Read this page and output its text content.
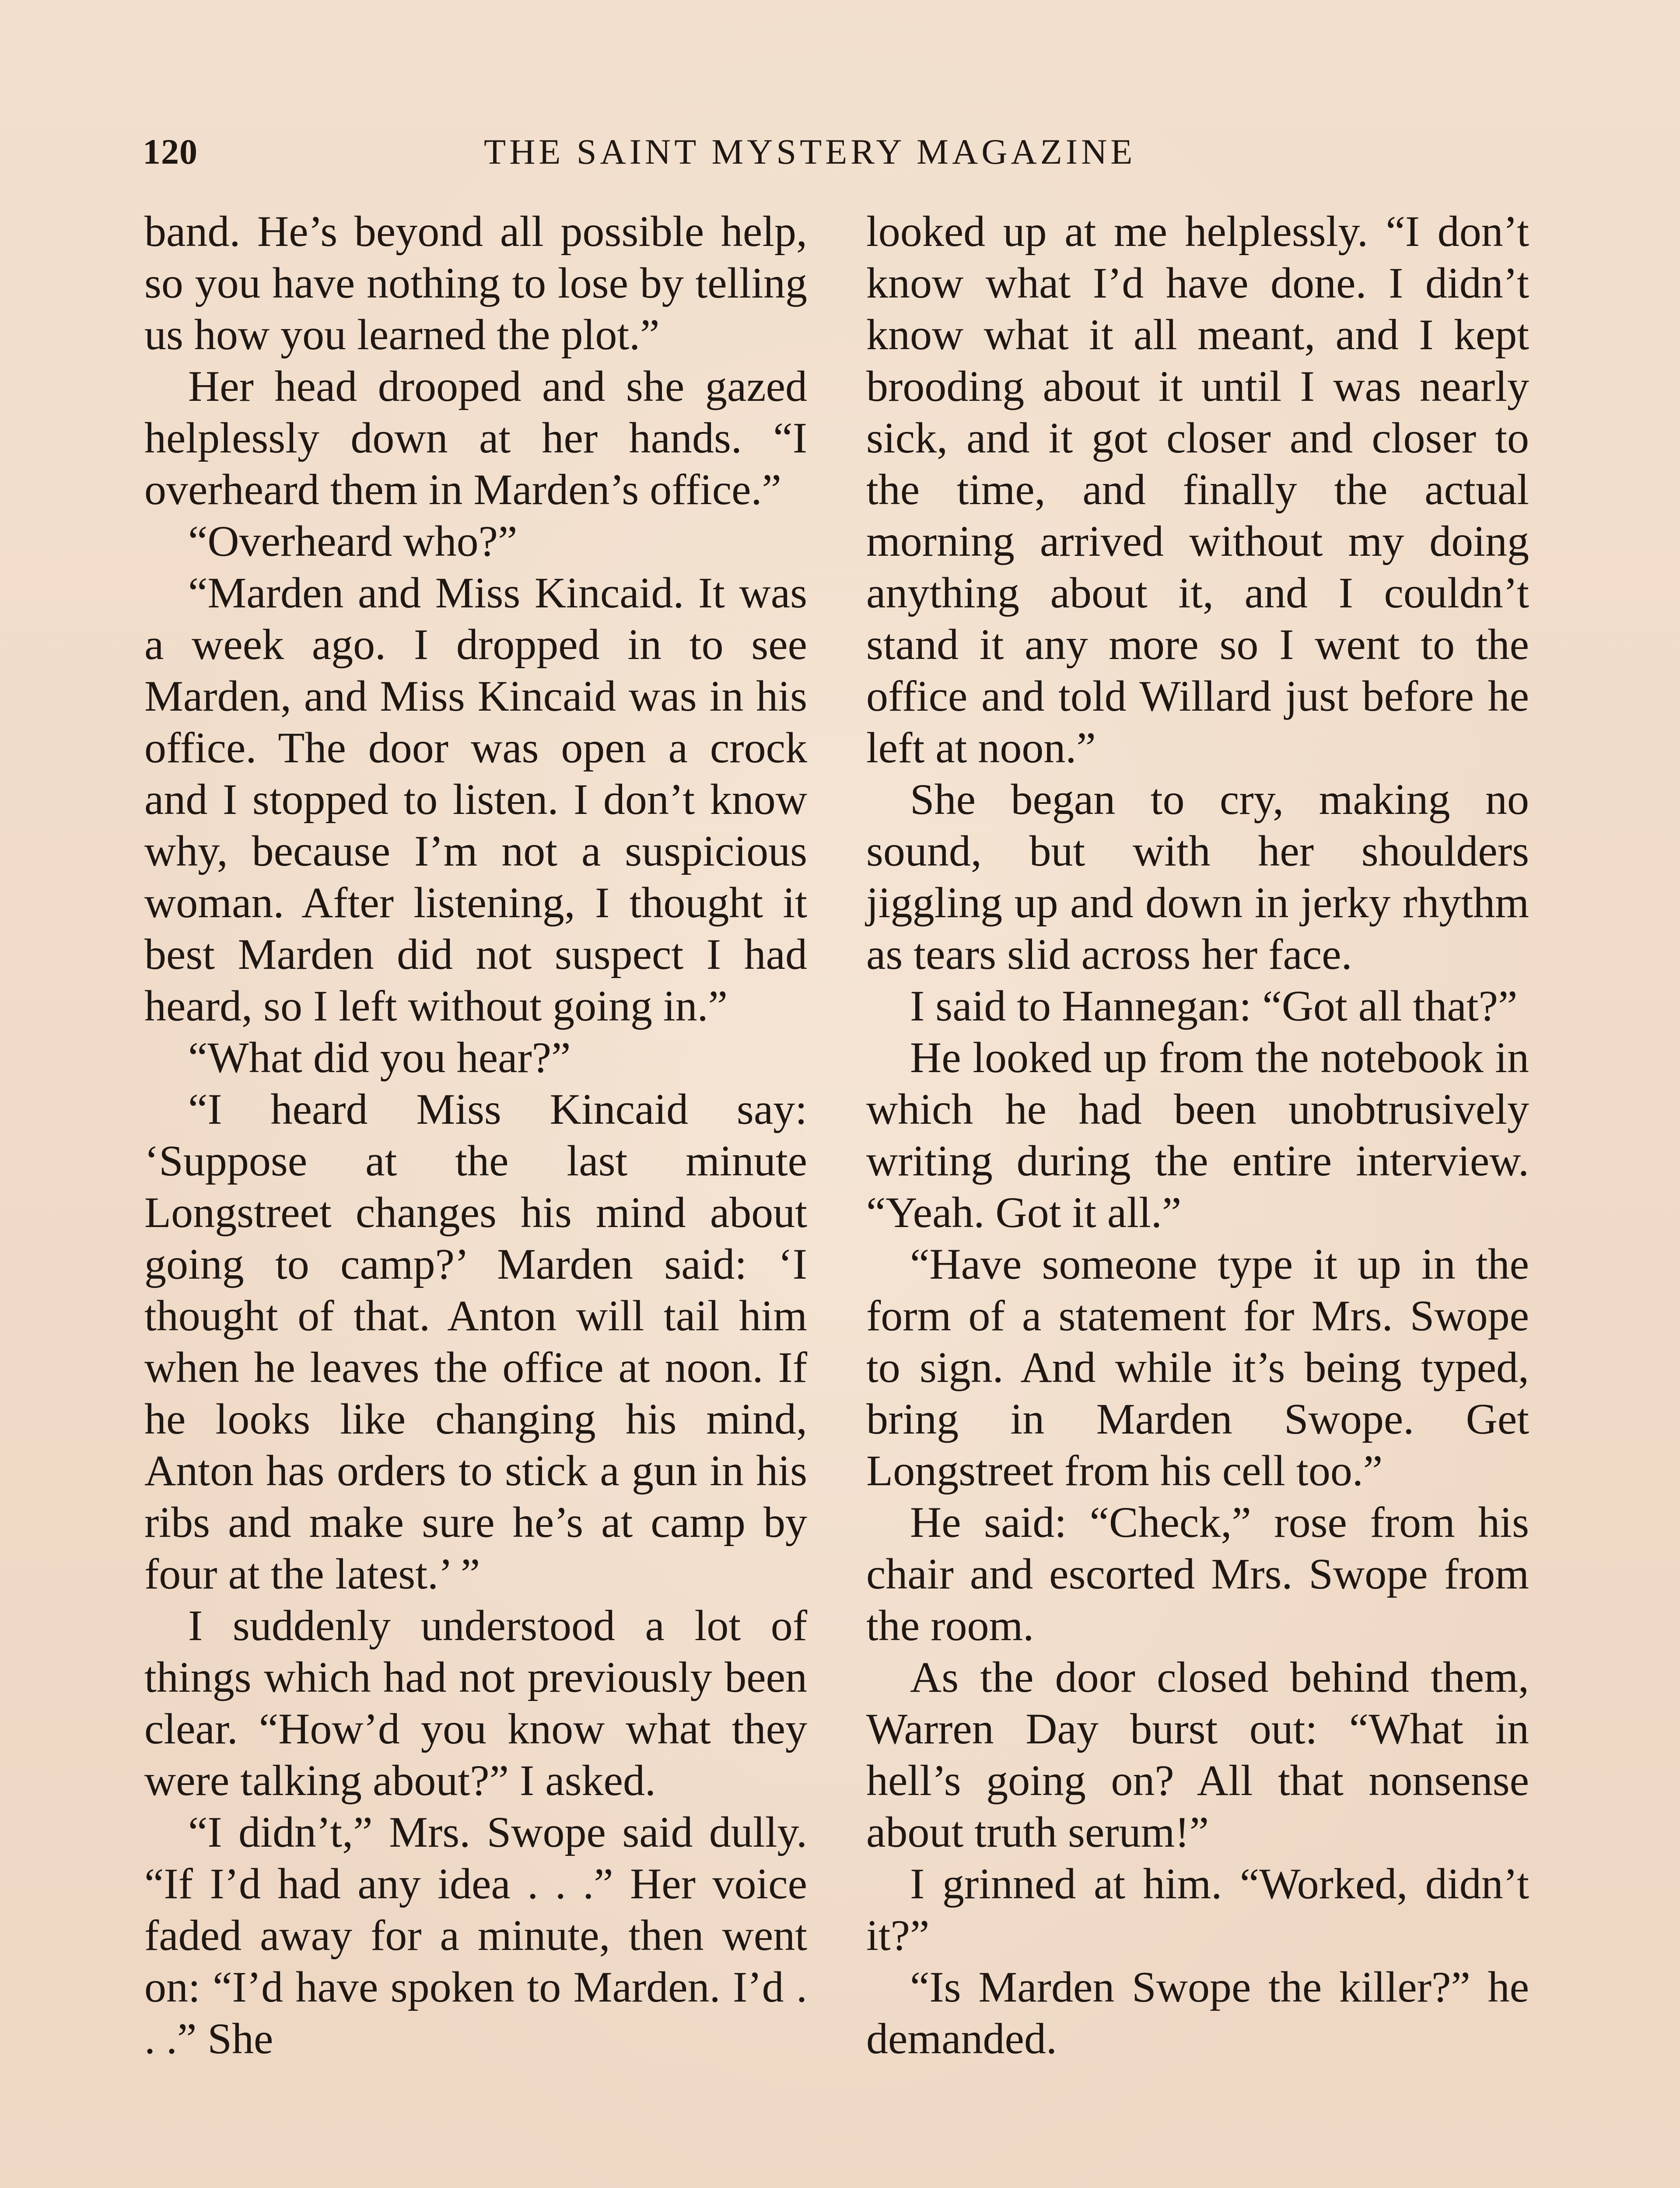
120	THE SAINT MYSTERY MAGAZINE

band. He’s beyond all possible help, so you have nothing to lose by telling us how you learned the plot.”

Her head drooped and she gazed helplessly down at her hands. “I overheard them in Marden’s office.”

“Overheard who?”

“Marden and Miss Kincaid. It was a week ago. I dropped in to see Marden, and Miss Kincaid was in his office. The door was open a crock and I stopped to listen. I don’t know why, because I’m not a suspicious woman. After listening, I thought it best Marden did not suspect I had heard, so I left without going in.”

“What did you hear?”

“I heard Miss Kincaid say: ‘Suppose at the last minute Longstreet changes his mind about going to camp?’ Marden said: ‘I thought of that. Anton will tail him when he leaves the office at noon. If he looks like changing his mind, Anton has orders to stick a gun in his ribs and make sure he’s at camp by four at the latest.’ ”

I suddenly understood a lot of things which had not previously been clear. “How’d you know what they were talking about?” I asked.

“I didn’t,” Mrs. Swope said dully. “If I’d had any idea . . .” Her voice faded away for a minute, then went on: “I’d have spoken to Marden. I’d . . .” She

looked up at me helplessly. “I don’t know what I’d have done. I didn’t know what it all meant, and I kept brooding about it until I was nearly sick, and it got closer and closer to the time, and finally the actual morning arrived without my doing anything about it, and I couldn’t stand it any more so I went to the office and told Willard just before he left at noon.”

She began to cry, making no sound, but with her shoulders jiggling up and down in jerky rhythm as tears slid across her face.

I said to Hannegan: “Got all that?”

He looked up from the notebook in which he had been unobtrusively writing during the entire interview. “Yeah. Got it all.”

“Have someone type it up in the form of a statement for Mrs. Swope to sign. And while it’s being typed, bring in Marden Swope. Get Longstreet from his cell too.”

He said: “Check,” rose from his chair and escorted Mrs. Swope from the room.

As the door closed behind them, Warren Day burst out: “What in hell’s going on? All that nonsense about truth serum!”

I grinned at him. “Worked, didn’t it?”

“Is Marden Swope the killer?” he demanded.
